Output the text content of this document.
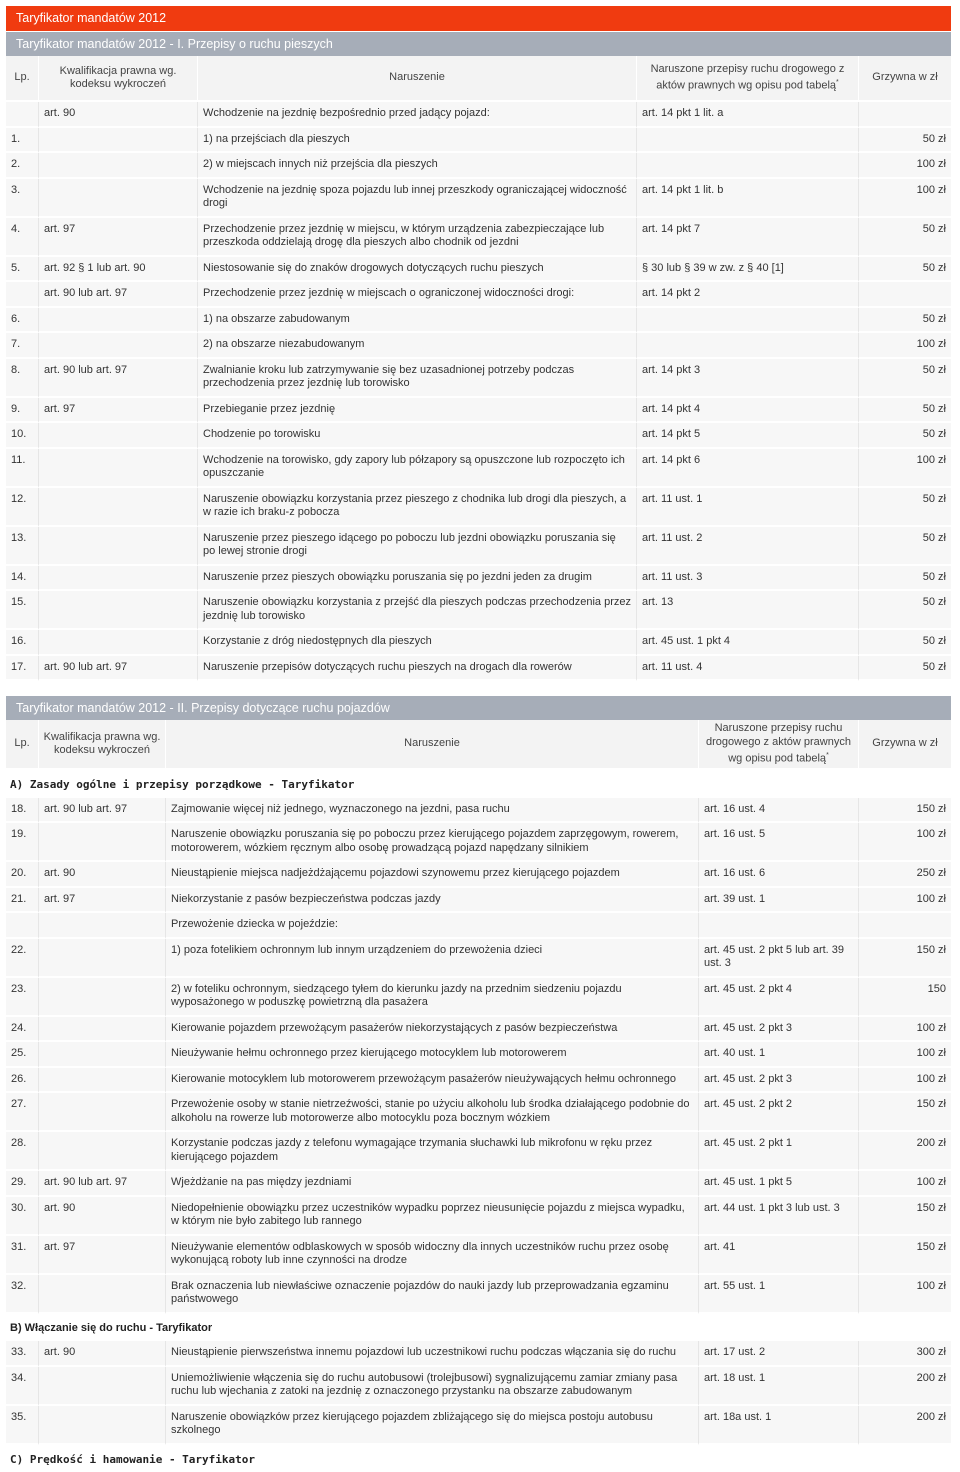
Taryfikator mandatów 2012
Taryfikator mandatów 2012 - I. Przepisy o ruchu pieszych
Lp.	Kwalifikacja prawna wg. kodeksu wykroczeń	Naruszenie	Naruszone przepisy ruchu drogowego z aktów prawnych wg opisu pod tabelą*	Grzywna w zł
	art. 90	Wchodzenie na jezdnię bezpośrednio przed jadący pojazd:	art. 14 pkt 1 lit. a	
1.		1) na przejściach dla pieszych		50 zł
2.		2) w miejscach innych niż przejścia dla pieszych		100 zł
3.		Wchodzenie na jezdnię spoza pojazdu lub innej przeszkody ograniczającej widoczność drogi	art. 14 pkt 1 lit. b	100 zł
4.	art. 97	Przechodzenie przez jezdnię w miejscu, w którym urządzenia zabezpieczające lub przeszkoda oddzielają drogę dla pieszych albo chodnik od jezdni	art. 14 pkt 7	50 zł
5.	art. 92 § 1 lub art. 90	Niestosowanie się do znaków drogowych dotyczących ruchu pieszych	§ 30 lub § 39 w zw. z § 40 [1]	50 zł
	art. 90 lub art. 97	Przechodzenie przez jezdnię w miejscach o ograniczonej widoczności drogi:	art. 14 pkt 2	
6.		1) na obszarze zabudowanym		50 zł
7.		2) na obszarze niezabudowanym		100 zł
8.	art. 90 lub art. 97	Zwalnianie kroku lub zatrzymywanie się bez uzasadnionej potrzeby podczas przechodzenia przez jezdnię lub torowisko	art. 14 pkt 3	50 zł
9.	art. 97	Przebieganie przez jezdnię	art. 14 pkt 4	50 zł
10.		Chodzenie po torowisku	art. 14 pkt 5	50 zł
11.		Wchodzenie na torowisko, gdy zapory lub półzapory są opuszczone lub rozpoczęto ich opuszczanie	art. 14 pkt 6	100 zł
12.		Naruszenie obowiązku korzystania przez pieszego z chodnika lub drogi dla pieszych, a w razie ich braku-z pobocza	art. 11 ust. 1	50 zł
13.		Naruszenie przez pieszego idącego po poboczu lub jezdni obowiązku poruszania się po lewej stronie drogi	art. 11 ust. 2	50 zł
14.		Naruszenie przez pieszych obowiązku poruszania się po jezdni jeden za drugim	art. 11 ust. 3	50 zł
15.		Naruszenie obowiązku korzystania z przejść dla pieszych podczas przechodzenia przez jezdnię lub torowisko	art. 13	50 zł
16.		Korzystanie z dróg niedostępnych dla pieszych	art. 45 ust. 1 pkt 4	50 zł
17.	art. 90 lub art. 97	Naruszenie przepisów dotyczących ruchu pieszych na drogach dla rowerów	art. 11 ust. 4	50 zł
Taryfikator mandatów 2012 - II. Przepisy dotyczące ruchu pojazdów
Lp.	Kwalifikacja prawna wg. kodeksu wykroczeń	Naruszenie	Naruszone przepisy ruchu drogowego z aktów prawnych wg opisu pod tabelą*	Grzywna w zł
A) Zasady ogólne i przepisy porządkowe - Taryfikator				
18.	art. 90 lub art. 97	Zajmowanie więcej niż jednego, wyznaczonego na jezdni, pasa ruchu	art. 16 ust. 4	150 zł
19.		Naruszenie obowiązku poruszania się po poboczu przez kierującego pojazdem zaprzęgowym, rowerem, motorowerem, wózkiem ręcznym albo osobę prowadzącą pojazd napędzany silnikiem	art. 16 ust. 5	100 zł
20.	art. 90	Nieustąpienie miejsca nadjeżdżającemu pojazdowi szynowemu przez kierującego pojazdem	art. 16 ust. 6	250 zł
21.	art. 97	Niekorzystanie z pasów bezpieczeństwa podczas jazdy	art. 39 ust. 1	100 zł
		Przewożenie dziecka w pojeździe:		
22.		1) poza fotelikiem ochronnym lub innym urządzeniem do przewożenia dzieci	art. 45 ust. 2 pkt 5 lub art. 39 ust. 3	150 zł
23.		2) w foteliku ochronnym, siedzącego tyłem do kierunku jazdy na przednim siedzeniu pojazdu wyposażonego w poduszkę powietrzną dla pasażera	art. 45 ust. 2 pkt 4	150
24.		Kierowanie pojazdem przewożącym pasażerów niekorzystających z pasów bezpieczeństwa	art. 45 ust. 2 pkt 3	100 zł
25.		Nieużywanie hełmu ochronnego przez kierującego motocyklem lub motorowerem	art. 40 ust. 1	100 zł
26.		Kierowanie motocyklem lub motorowerem przewożącym pasażerów nieużywających hełmu ochronnego	art. 45 ust. 2 pkt 3	100 zł
27.		Przewożenie osoby w stanie nietrzeźwości, stanie po użyciu alkoholu lub środka działającego podobnie do alkoholu na rowerze lub motorowerze albo motocyklu poza bocznym wózkiem	art. 45 ust. 2 pkt 2	150 zł
28.		Korzystanie podczas jazdy z telefonu wymagające trzymania słuchawki lub mikrofonu w ręku przez kierującego pojazdem	art. 45 ust. 2 pkt 1	200 zł
29.	art. 90 lub art. 97	Wjeżdżanie na pas między jezdniami	art. 45 ust. 1 pkt 5	100 zł
30.	art. 90	Niedopełnienie obowiązku przez uczestników wypadku poprzez nieusunięcie pojazdu z miejsca wypadku, w którym nie było zabitego lub rannego	art. 44 ust. 1 pkt 3 lub ust. 3	150 zł
31.	art. 97	Nieużywanie elementów odblaskowych w sposób widoczny dla innych uczestników ruchu przez osobę wykonującą roboty lub inne czynności na drodze	art. 41	150 zł
32.		Brak oznaczenia lub niewłaściwe oznaczenie pojazdów do nauki jazdy lub przeprowadzania egzaminu państwowego	art. 55 ust. 1	100 zł
B) Włączanie się do ruchu - Taryfikator				
33.	art. 90	Nieustąpienie pierwszeństwa innemu pojazdowi lub uczestnikowi ruchu podczas włączania się do ruchu	art. 17 ust. 2	300 zł
34.		Uniemożliwienie włączenia się do ruchu autobusowi (trolejbusowi) sygnalizującemu zamiar zmiany pasa ruchu lub wjechania z zatoki na jezdnię z oznaczonego przystanku na obszarze zabudowanym	art. 18 ust. 1	200 zł
35.		Naruszenie obowiązków przez kierującego pojazdem zbliżającego się do miejsca postoju autobusu szkolnego	art. 18a ust. 1	200 zł
C) Prędkość i hamowanie - Taryfikator				
